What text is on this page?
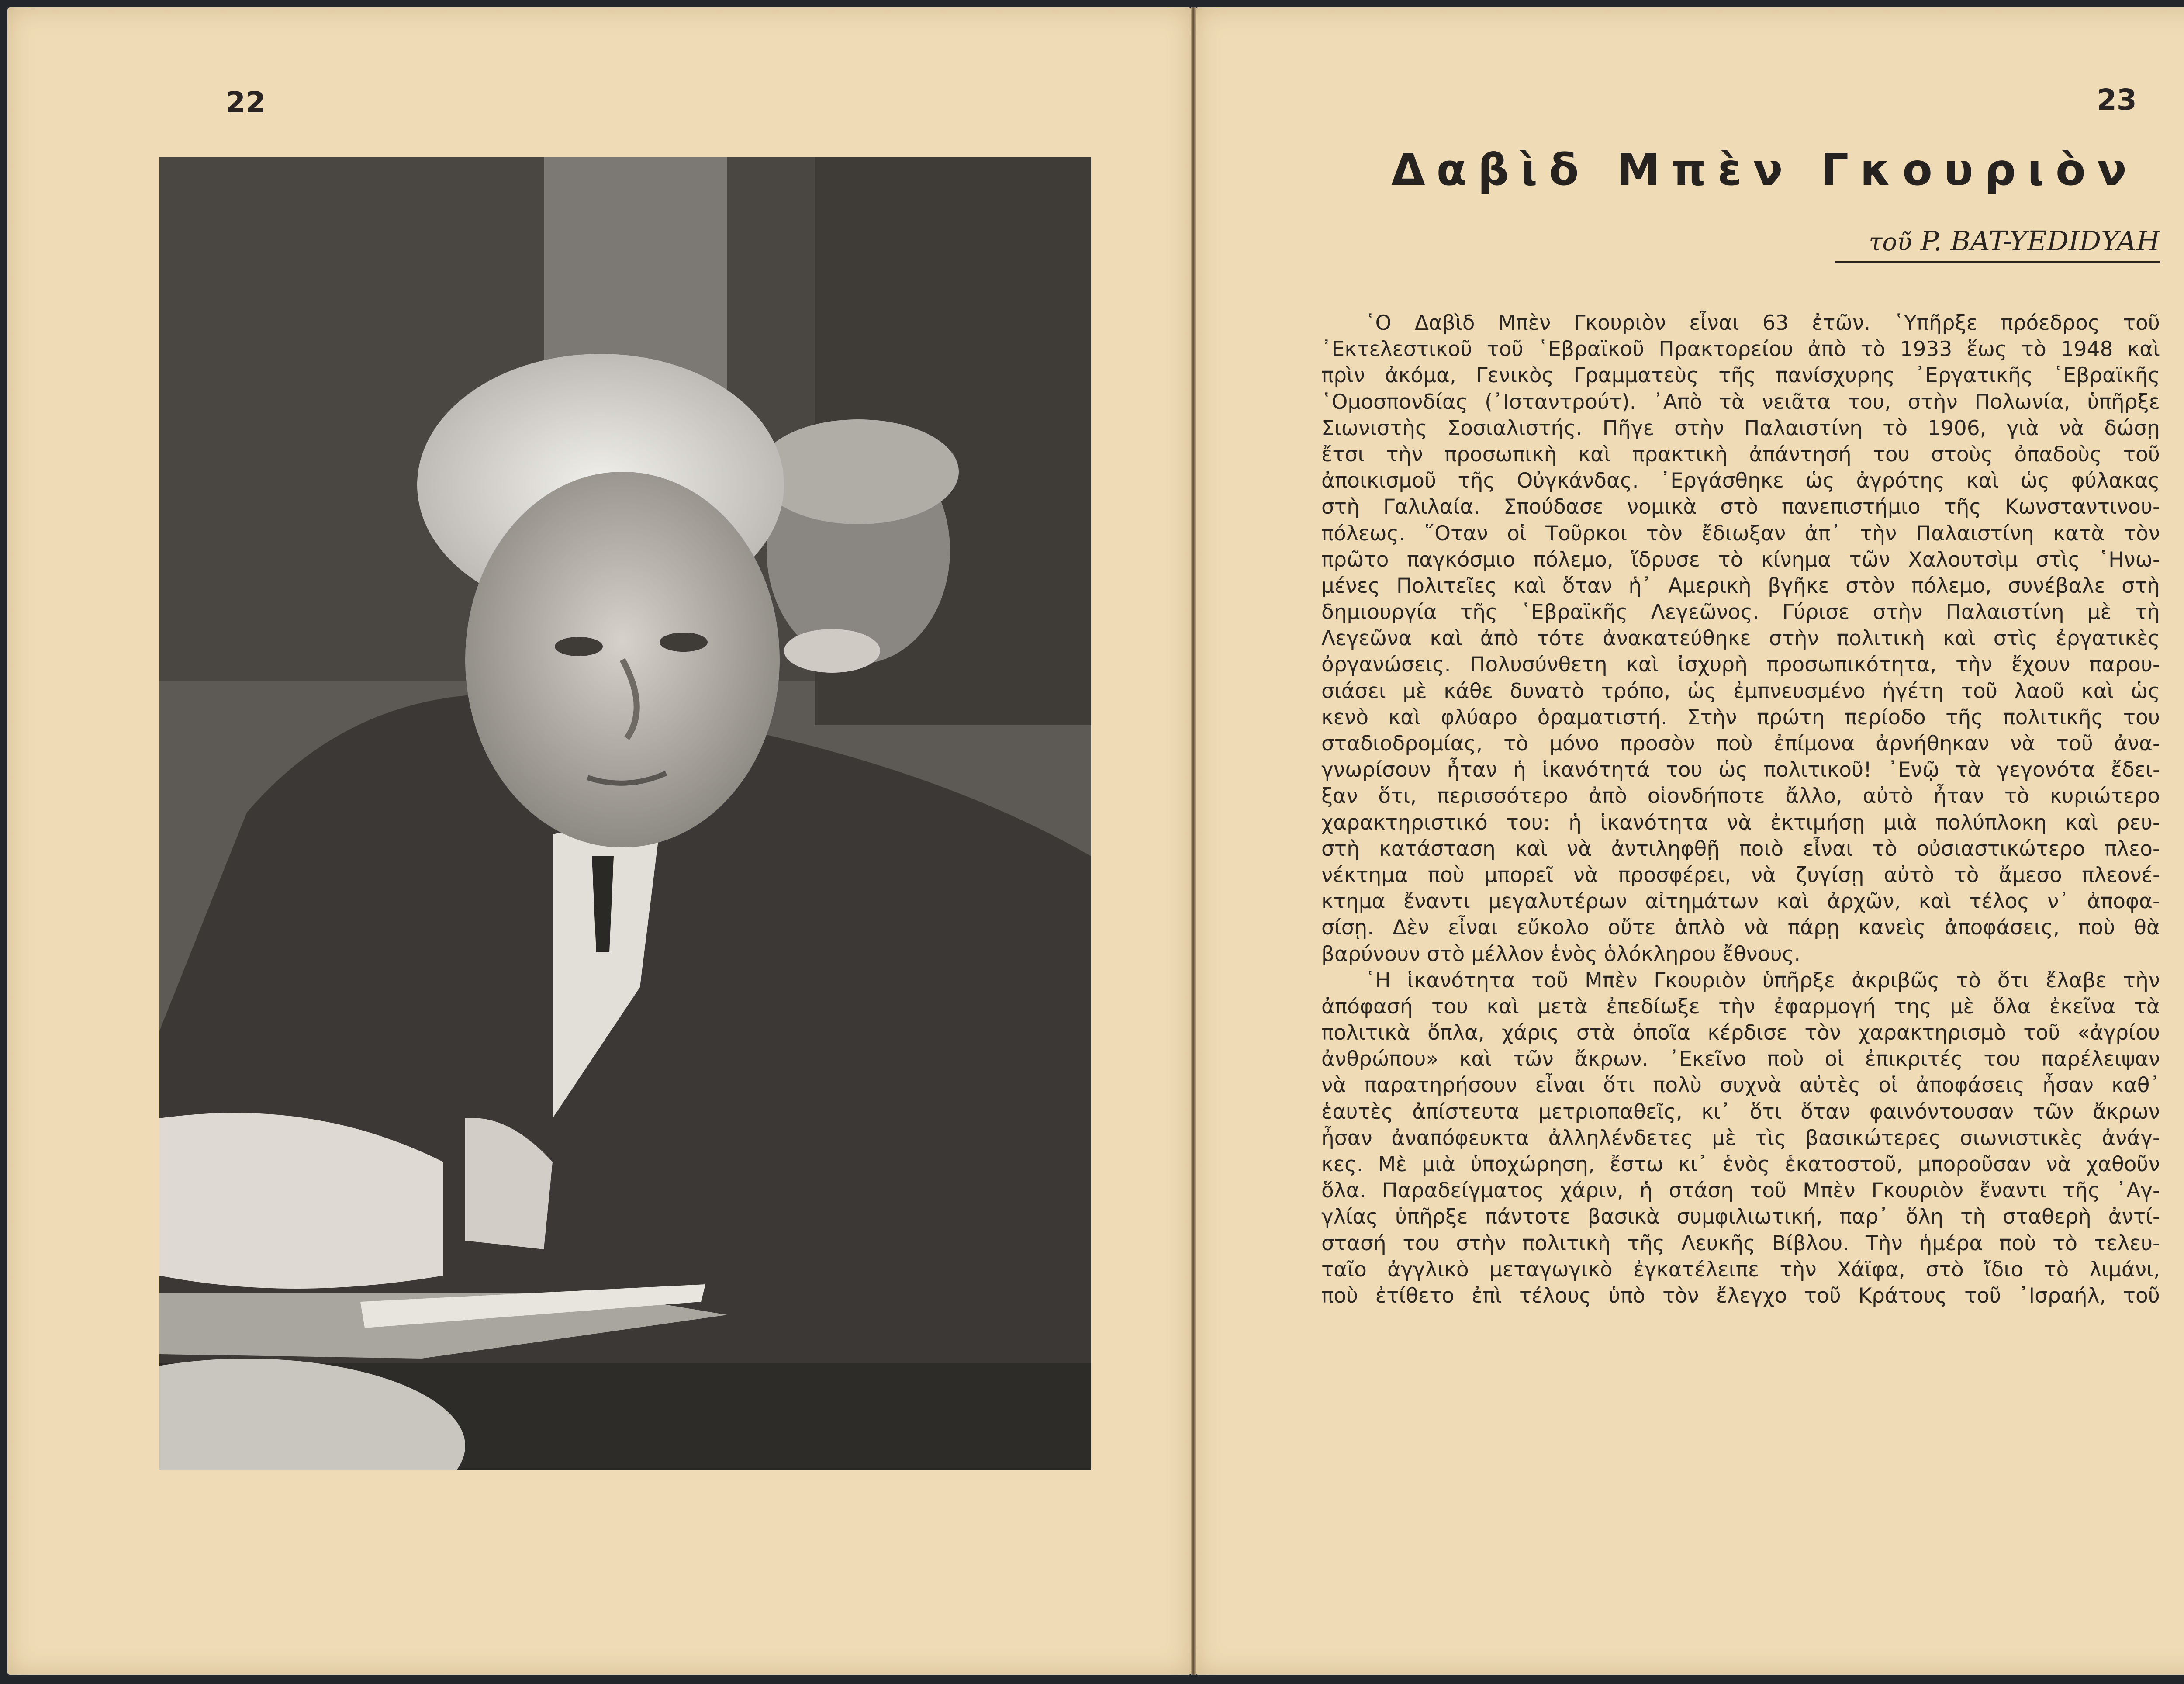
22	23
Δαβὶδ Μπὲν Γκουριὸν
τοῦ P. BAT-YEDIDYAH
῾Ο Δαβὶδ Μπὲν Γκουριὸν εἶναι 63 ἐτῶν. ῾Υπῆρξε πρόεδρος τοῦ
᾿Εκτελεστικοῦ τοῦ ῾Εβραϊκοῦ Πρακτορείου ἀπὸ τὸ 1933 ἕως τὸ 1948 καὶ
πρὶν ἀκόμα, Γενικὸς Γραμματεὺς τῆς πανίσχυρης ᾿Εργατικῆς ῾Εβραϊκῆς
῾Ομοσπονδίας (᾿Ισταντρούτ). ᾿Απὸ τὰ νειᾶτα του, στὴν Πολωνία, ὑπῆρξε
Σιωνιστὴς Σοσιαλιστής. Πῆγε στὴν Παλαιστίνη τὸ 1906, γιὰ νὰ δώσῃ
ἔτσι τὴν προσωπικὴ καὶ πρακτικὴ ἀπάντησή του στοὺς ὀπαδοὺς τοῦ
ἀποικισμοῦ τῆς Οὐγκάνδας. ᾿Εργάσθηκε ὡς ἀγρότης καὶ ὡς φύλακας
στὴ Γαλιλαία. Σπούδασε νομικὰ στὸ πανεπιστήμιο τῆς Κωνσταντινου-
πόλεως. ῞Οταν οἱ Τοῦρκοι τὸν ἔδιωξαν ἀπ᾿ τὴν Παλαιστίνη κατὰ τὸν
πρῶτο παγκόσμιο πόλεμο, ἵδρυσε τὸ κίνημα τῶν Χαλουτσὶμ στὶς ῾Ηνω-
μένες Πολιτεῖες καὶ ὅταν ἡ᾿ Αμερικὴ βγῆκε στὸν πόλεμο, συνέβαλε στὴ
δημιουργία τῆς ῾Εβραϊκῆς Λεγεῶνος. Γύρισε στὴν Παλαιστίνη μὲ τὴ
Λεγεῶνα καὶ ἀπὸ τότε ἀνακατεύθηκε στὴν πολιτικὴ καὶ στὶς ἐργατικὲς
ὀργανώσεις. Πολυσύνθετη καὶ ἰσχυρὴ προσωπικότητα, τὴν ἔχουν παρου-
σιάσει μὲ κάθε δυνατὸ τρόπο, ὡς ἐμπνευσμένο ἡγέτη τοῦ λαοῦ καὶ ὡς
κενὸ καὶ φλύαρο ὁραματιστή. Στὴν πρώτη περίοδο τῆς πολιτικῆς του
σταδιοδρομίας, τὸ μόνο προσὸν ποὺ ἐπίμονα ἀρνήθηκαν νὰ τοῦ ἀνα-
γνωρίσουν ἦταν ἡ ἱκανότητά του ὡς πολιτικοῦ! ᾿Ενῷ τὰ γεγονότα ἔδει-
ξαν ὅτι, περισσότερο ἀπὸ οἱονδήποτε ἄλλο, αὐτὸ ἦταν τὸ κυριώτερο
χαρακτηριστικό του: ἡ ἱκανότητα νὰ ἐκτιμήσῃ μιὰ πολύπλοκη καὶ ρευ-
στὴ κατάσταση καὶ νὰ ἀντιληφθῇ ποιὸ εἶναι τὸ οὐσιαστικώτερο πλεο-
νέκτημα ποὺ μπορεῖ νὰ προσφέρει, νὰ ζυγίσῃ αὐτὸ τὸ ἄμεσο πλεονέ-
κτημα ἔναντι μεγαλυτέρων αἰτημάτων καὶ ἀρχῶν, καὶ τέλος ν᾿ ἀποφα-
σίσῃ. Δὲν εἶναι εὔκολο οὔτε ἁπλὸ νὰ πάρῃ κανεὶς ἀποφάσεις, ποὺ θὰ
βαρύνουν στὸ μέλλον ἑνὸς ὁλόκληρου ἔθνους.
῾Η ἱκανότητα τοῦ Μπὲν Γκουριὸν ὑπῆρξε ἀκριβῶς τὸ ὅτι ἔλαβε τὴν
ἀπόφασή του καὶ μετὰ ἐπεδίωξε τὴν ἐφαρμογή της μὲ ὅλα ἐκεῖνα τὰ
πολιτικὰ ὅπλα, χάρις στὰ ὁποῖα κέρδισε τὸν χαρακτηρισμὸ τοῦ «ἀγρίου
ἀνθρώπου» καὶ τῶν ἄκρων. ᾿Εκεῖνο ποὺ οἱ ἐπικριτές του παρέλειψαν
νὰ παρατηρήσουν εἶναι ὅτι πολὺ συχνὰ αὐτὲς οἱ ἀποφάσεις ἦσαν καθ᾿
ἑαυτὲς ἀπίστευτα μετριοπαθεῖς, κι᾿ ὅτι ὅταν φαινόντουσαν τῶν ἄκρων
ἦσαν ἀναπόφευκτα ἀλληλένδετες μὲ τὶς βασικώτερες σιωνιστικὲς ἀνάγ-
κες. Μὲ μιὰ ὑποχώρηση, ἔστω κι᾿ ἑνὸς ἑκατοστοῦ, μποροῦσαν νὰ χαθοῦν
ὅλα. Παραδείγματος χάριν, ἡ στάση τοῦ Μπὲν Γκουριὸν ἔναντι τῆς ᾿Αγ-
γλίας ὑπῆρξε πάντοτε βασικὰ συμφιλιωτική, παρ᾿ ὅλη τὴ σταθερὴ ἀντί-
στασή του στὴν πολιτικὴ τῆς Λευκῆς Βίβλου. Τὴν ἡμέρα ποὺ τὸ τελευ-
ταῖο ἀγγλικὸ μεταγωγικὸ ἐγκατέλειπε τὴν Χάϊφα, στὸ ἴδιο τὸ λιμάνι,
ποὺ ἐτίθετο ἐπὶ τέλους ὑπὸ τὸν ἔλεγχο τοῦ Κράτους τοῦ ᾿Ισραήλ, τοῦ
